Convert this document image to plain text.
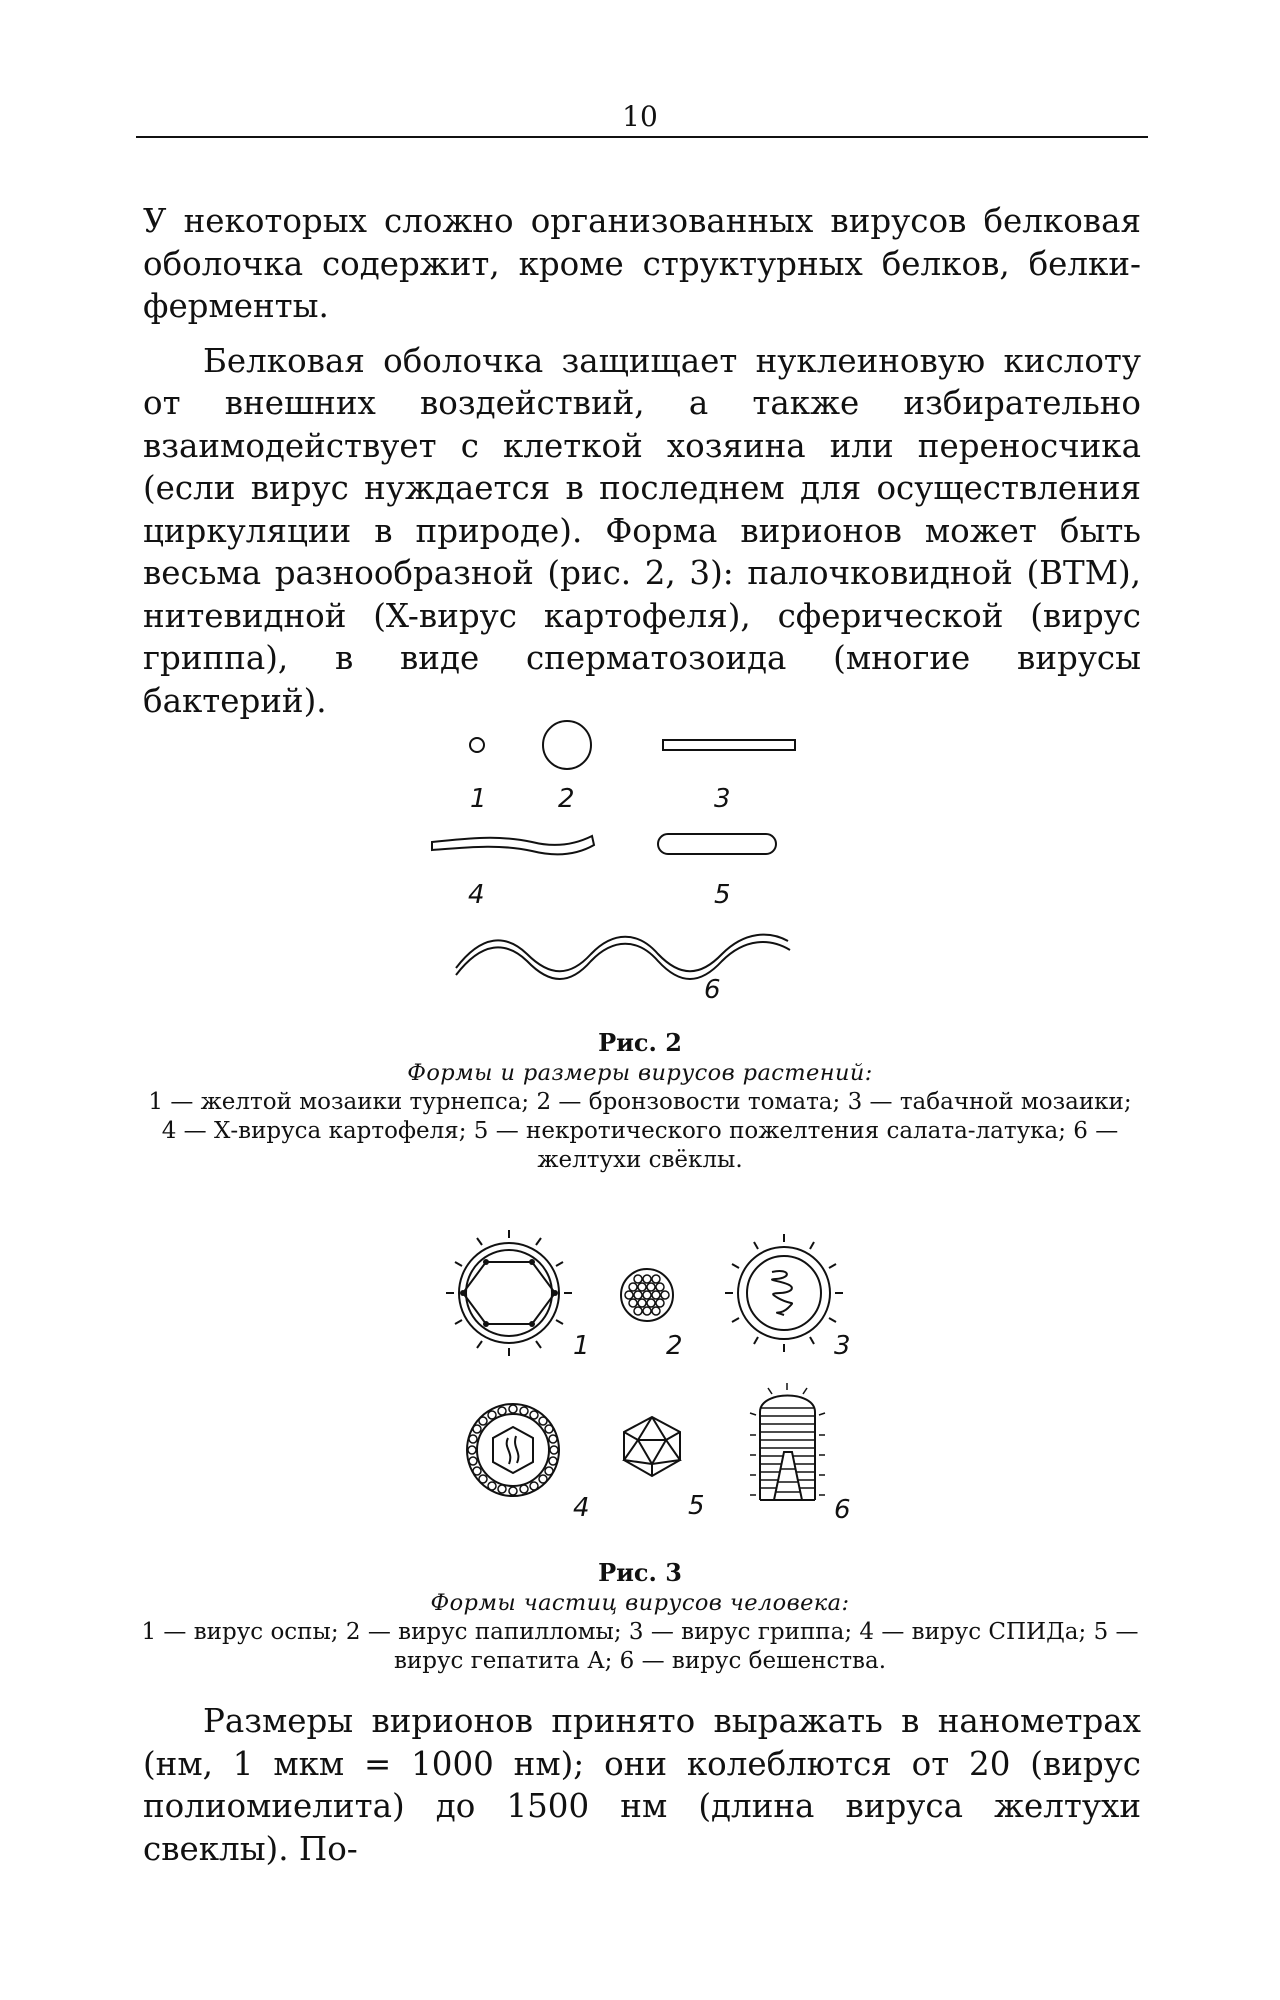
10

У некоторых сложно организованных вирусов белковая оболочка содержит, кроме структурных белков, белки-ферменты.

Белковая оболочка защищает нуклеиновую кислоту от внешних воздействий, а также избирательно взаимодействует с клеткой хозяина или переносчика (если вирус нуждается в последнем для осуществления циркуляции в природе). Форма вирионов может быть весьма разнообразной (рис. 2, 3): палочковидной (ВТМ), нитевидной (X-вирус картофеля), сферической (вирус гриппа), в виде сперматозоида (многие вирусы бактерий).

1	2	3
4	5
6
Рис. 2
Формы и размеры вирусов растений:
1 — желтой мозаики турнепса; 2 — бронзовости томата; 3 — табачной мозаики; 4 — Х-вируса картофеля; 5 — некротического пожелтения салата-латука; 6 — желтухи свёклы.
1	2	3
4	5	6
Рис. 3
Формы частиц вирусов человека:
1 — вирус оспы; 2 — вирус папилломы; 3 — вирус гриппа; 4 — вирус СПИДа; 5 — вирус гепатита А; 6 — вирус бешенства.

Размеры вирионов принято выражать в нанометрах (нм, 1 мкм = 1000 нм); они колеблются от 20 (вирус полиомиелита) до 1500 нм (длина вируса желтухи свеклы). По-
